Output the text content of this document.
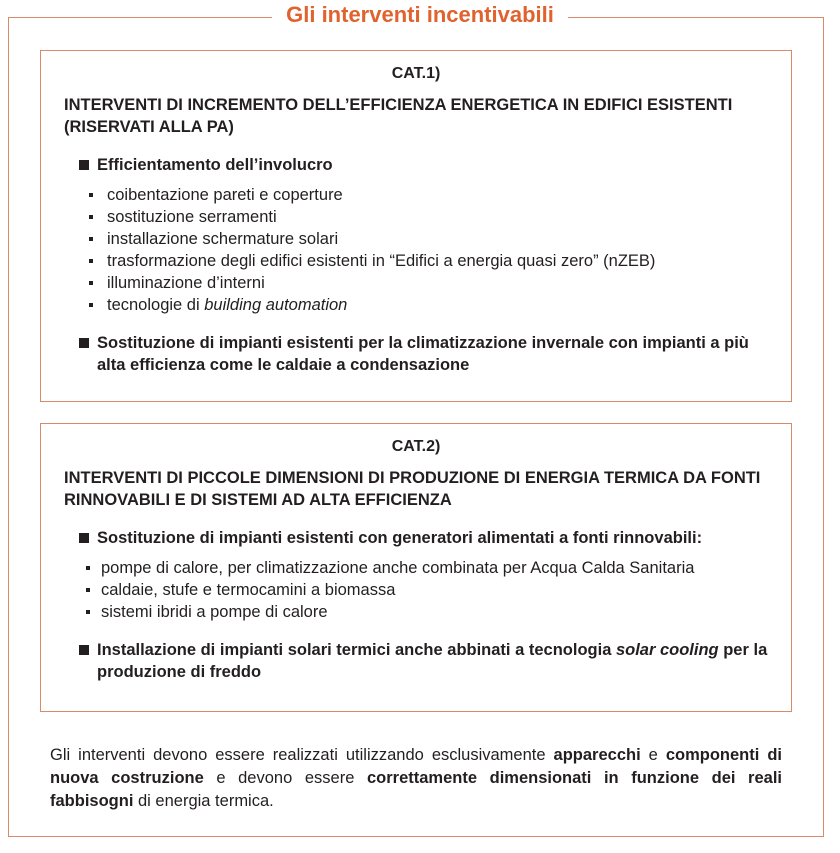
Gli interventi incentivabili
CAT.1)
INTERVENTI DI INCREMENTO DELL’EFFICIENZA ENERGETICA IN EDIFICI ESISTENTI (RISERVATI ALLA PA)
Efficientamento dell’involucro
coibentazione pareti e coperture
sostituzione serramenti
installazione schermature solari
trasformazione degli edifici esistenti in “Edifici a energia quasi zero” (nZEB)
illuminazione d’interni
tecnologie di building automation
Sostituzione di impianti esistenti per la climatizzazione invernale con impianti a più alta efficienza come le caldaie a condensazione
CAT.2)
INTERVENTI DI PICCOLE DIMENSIONI DI PRODUZIONE DI ENERGIA TERMICA DA FONTI RINNOVABILI E DI SISTEMI AD ALTA EFFICIENZA
Sostituzione di impianti esistenti con generatori alimentati a fonti rinnovabili:
pompe di calore, per climatizzazione anche combinata per Acqua Calda Sanitaria
caldaie, stufe e termocamini a biomassa
sistemi ibridi a pompe di calore
Installazione di impianti solari termici anche abbinati a tecnologia solar cooling per la produzione di freddo
Gli interventi devono essere realizzati utilizzando esclusivamente apparecchi e componenti di nuova costruzione e devono essere correttamente dimensionati in funzione dei reali fabbisogni di energia termica.
